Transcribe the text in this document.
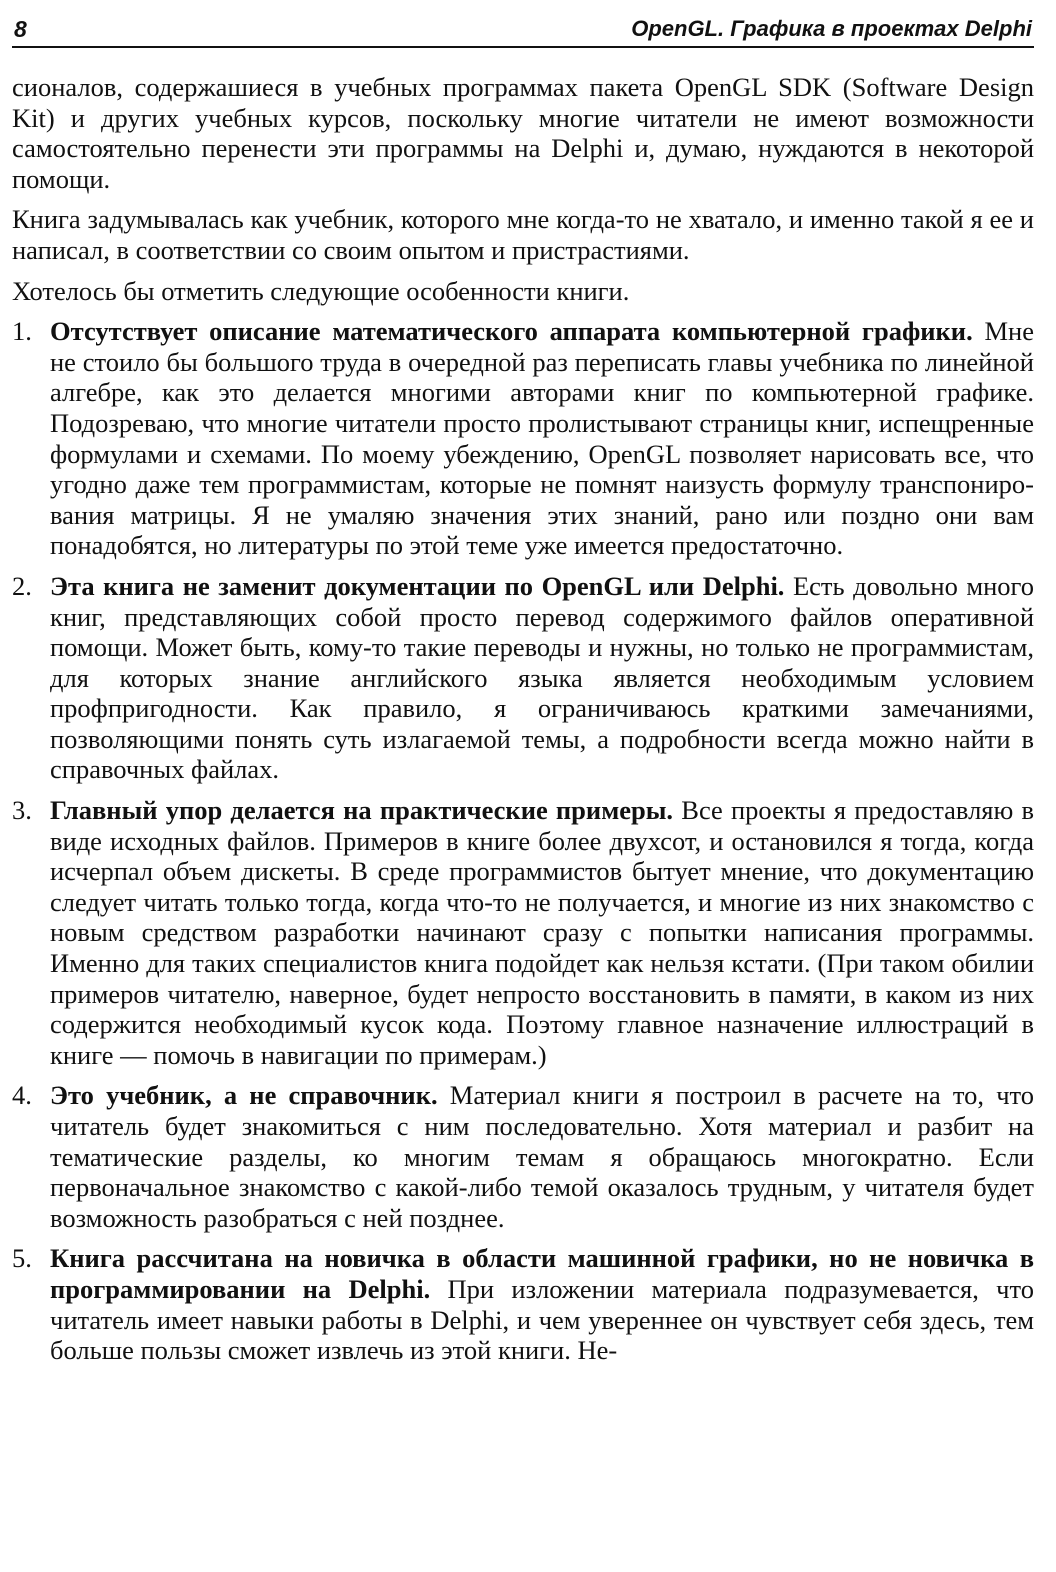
8	OpenGL. Графика в проектах Delphi

сионалов, содержашиеся в учебных программах пакета OpenGL SDK (Software Design Kit) и других учебных курсов, поскольку многие читатели не имеют возможности самостоятельно перенести эти программы на Delphi и, думаю, нуждаются в некоторой помощи.

Книга задумывалась как учебник, которого мне когда-то не хватало, и именно такой я ее и написал, в соответствии со своим опытом и пристрастиями.

Хотелось бы отметить следующие особенности книги.

1. Отсутствует описание математического аппарата компьютерной графики. Мне не стоило бы большого труда в очередной раз переписать главы учебника по линейной алгебре, как это делается многими авторами книг по компьютерной графике. Подозреваю, что многие читатели просто пролистывают страницы книг, испещренные формулами и схемами. По моему убеждению, OpenGL позволяет нарисовать все, что угодно даже тем программистам, которые не помнят наизусть формулу транспонирования матрицы. Я не умаляю значения этих знаний, рано или поздно они вам понадобятся, но литературы по этой теме уже имеется предостаточно.
2. Эта книга не заменит документации по OpenGL или Delphi. Есть довольно много книг, представляющих собой просто перевод содержимого файлов оперативной помощи. Может быть, кому-то такие переводы и нужны, но только не программистам, для которых знание английского языка является необходимым условием профпригодности. Как правило, я ограничиваюсь краткими замечаниями, позволяющими понять суть излагаемой темы, а подробности всегда можно найти в справочных файлах.
3. Главный упор делается на практические примеры. Все проекты я предоставляю в виде исходных файлов. Примеров в книге более двухсот, и остановился я тогда, когда исчерпал объем дискеты. В среде программистов бытует мнение, что документацию следует читать только тогда, когда что-то не получается, и многие из них знакомство с новым средством разработки начинают сразу с попытки написания программы. Именно для таких специалистов книга подойдет как нельзя кстати. (При таком обилии примеров читателю, наверное, будет непросто восстановить в памяти, в каком из них содержится необходимый кусок кода. Поэтому главное назначение иллюстраций в книге — помочь в навигации по примерам.)
4. Это учебник, а не справочник. Материал книги я построил в расчете на то, что читатель будет знакомиться с ним последовательно. Хотя материал и разбит на тематические разделы, ко многим темам я обращаюсь многократно. Если первоначальное знакомство с какой-либо темой оказалось трудным, у читателя будет возможность разобраться с ней позднее.
5. Книга рассчитана на новичка в области машинной графики, но не новичка в программировании на Delphi. При изложении материала подразумевается, что читатель имеет навыки работы в Delphi, и чем увереннее он чувствует себя здесь, тем больше пользы сможет извлечь из этой книги. Не-
